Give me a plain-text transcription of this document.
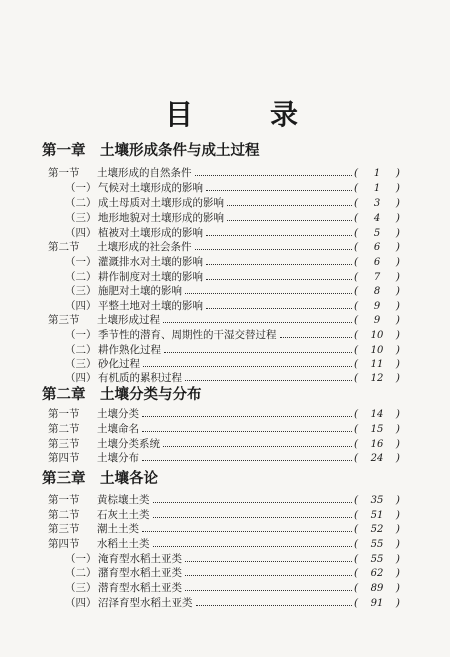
目	录
第一章　土壤形成条件与成土过程
第一节 土壤形成的自然条件	( 1 )
（一） 气候对土壤形成的影响	( 1 )
（二） 成土母质对土壤形成的影响	( 3 )
（三） 地形地貌对土壤形成的影响	( 4 )
（四） 植被对土壤形成的影响	( 5 )
第二节 土壤形成的社会条件	( 6 )
（一） 灌溉排水对土壤的影响	( 6 )
（二） 耕作制度对土壤的影响	( 7 )
（三） 施肥对土壤的影响	( 8 )
（四） 平整土地对土壤的影响	( 9 )
第三节 土壤形成过程	( 9 )
（一） 季节性的潜育、周期性的干湿交替过程	( 10 )
（二） 耕作熟化过程	( 10 )
（三） 砂化过程	( 11 )
（四） 有机质的累积过程	( 12 )
第二章　土壤分类与分布
第一节 土壤分类	( 14 )
第二节 土壤命名	( 15 )
第三节 土壤分类系统	( 16 )
第四节 土壤分布	( 24 )
第三章　土壤各论
第一节 黄棕壤土类	( 35 )
第二节 石灰土土类	( 51 )
第三节 潮土土类	( 52 )
第四节 水稻土土类	( 55 )
（一） 淹育型水稻土亚类	( 55 )
（二） 潴育型水稻土亚类	( 62 )
（三） 潜育型水稻土亚类	( 89 )
（四） 沼泽育型水稻土亚类	( 91 )
